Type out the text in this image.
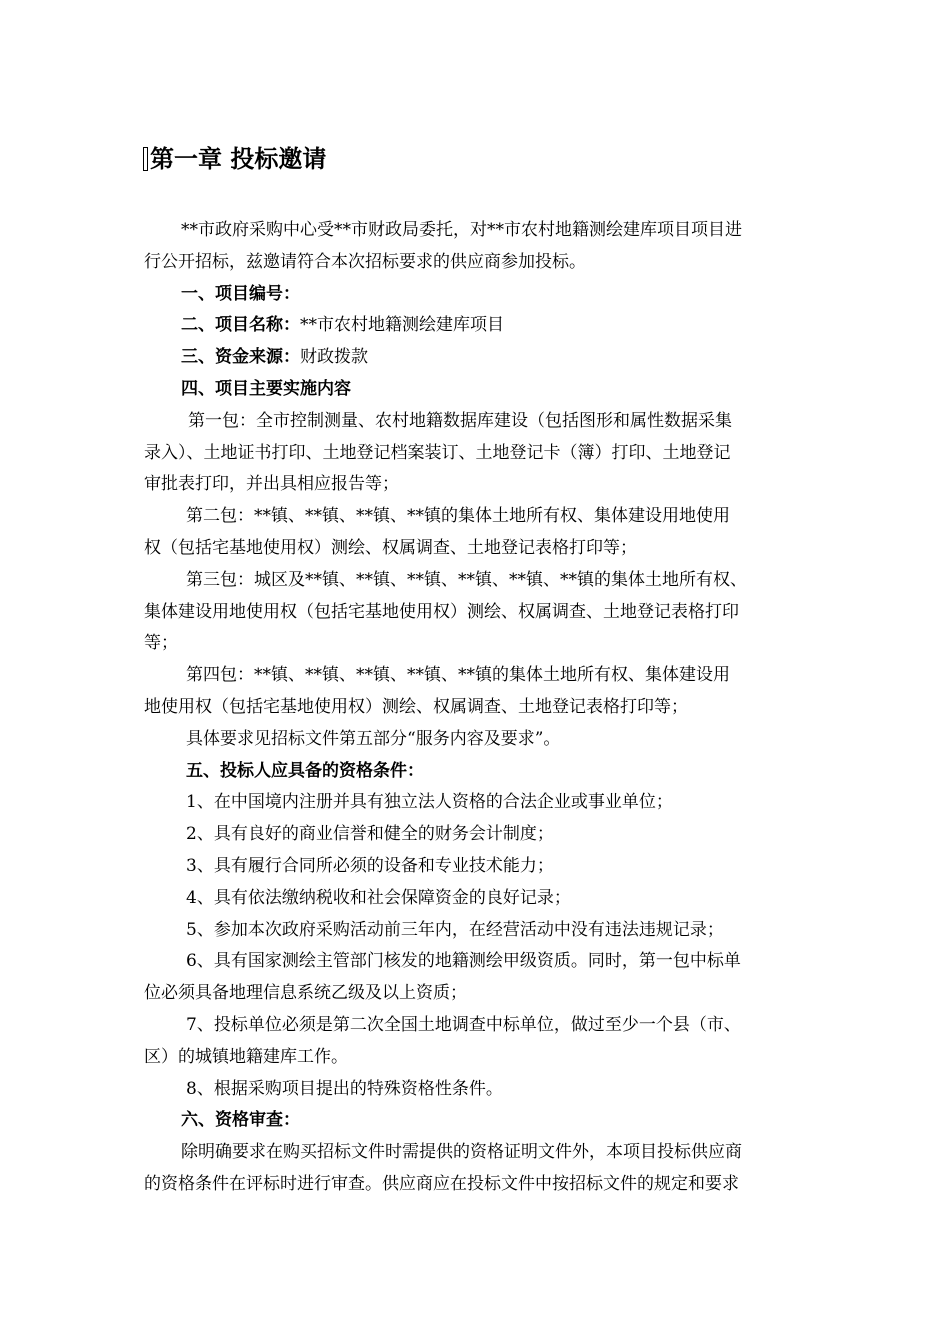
第一章 投标邀请

**市政府采购中心受**市财政局委托，对**市农村地籍测绘建库项目项目进

行公开招标，兹邀请符合本次招标要求的供应商参加投标。

一、项目编号：

二、项目名称：**市农村地籍测绘建库项目

三、资金来源：财政拨款

四、项目主要实施内容

第一包：全市控制测量、农村地籍数据库建设（包括图形和属性数据采集

录入）、土地证书打印、土地登记档案装订、土地登记卡（簿）打印、土地登记

审批表打印，并出具相应报告等；

第二包：**镇、**镇、**镇、**镇的集体土地所有权、集体建设用地使用

权（包括宅基地使用权）测绘、权属调查、土地登记表格打印等；

第三包：城区及**镇、**镇、**镇、**镇、**镇、**镇的集体土地所有权、

集体建设用地使用权（包括宅基地使用权）测绘、权属调查、土地登记表格打印

等；

第四包：**镇、**镇、**镇、**镇、**镇的集体土地所有权、集体建设用

地使用权（包括宅基地使用权）测绘、权属调查、土地登记表格打印等；

具体要求见招标文件第五部分“服务内容及要求”。

五、投标人应具备的资格条件：

1、在中国境内注册并具有独立法人资格的合法企业或事业单位；

2、具有良好的商业信誉和健全的财务会计制度；

3、具有履行合同所必须的设备和专业技术能力；

4、具有依法缴纳税收和社会保障资金的良好记录；

5、参加本次政府采购活动前三年内，在经营活动中没有违法违规记录；

6、具有国家测绘主管部门核发的地籍测绘甲级资质。同时，第一包中标单

位必须具备地理信息系统乙级及以上资质；

7、投标单位必须是第二次全国土地调查中标单位，做过至少一个县（市、

区）的城镇地籍建库工作。

8、根据采购项目提出的特殊资格性条件。

六、资格审查：

除明确要求在购买招标文件时需提供的资格证明文件外，本项目投标供应商

的资格条件在评标时进行审查。供应商应在投标文件中按招标文件的规定和要求
